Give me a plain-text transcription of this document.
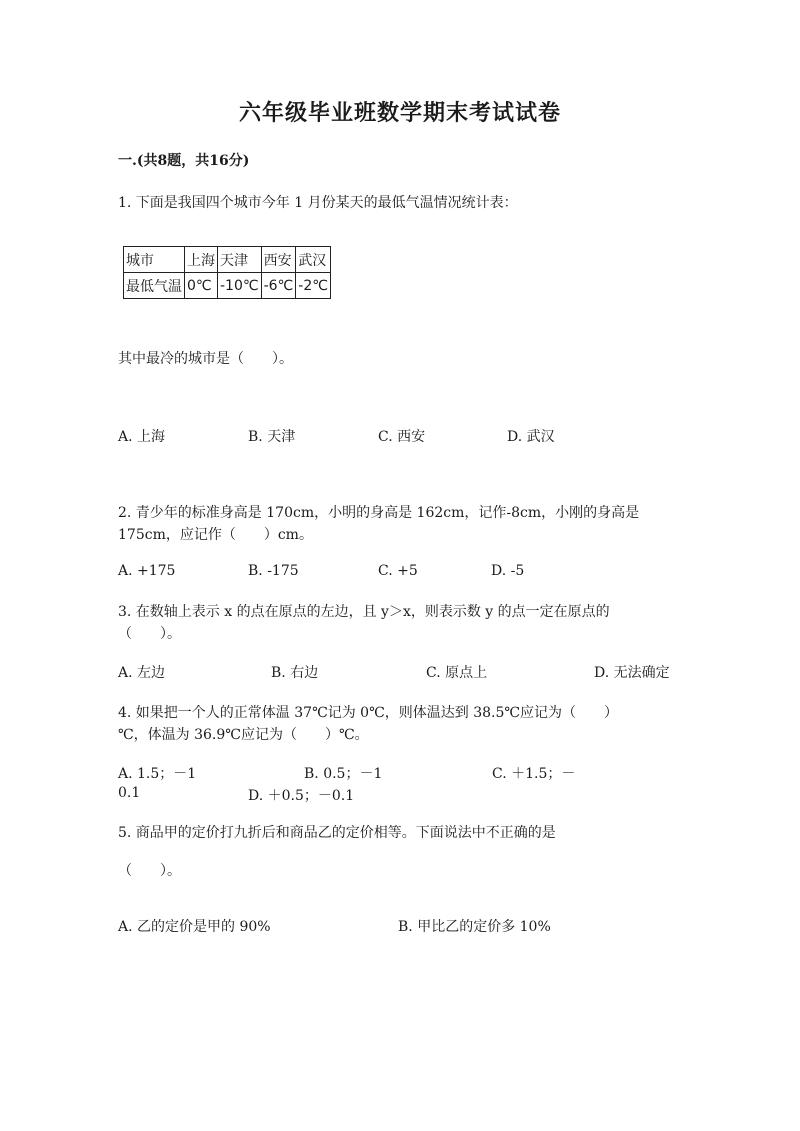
六年级毕业班数学期末考试试卷
一.(共8题，共16分)
1. 下面是我国四个城市今年 1 月份某天的最低气温情况统计表：
城市	上海	天津	西安	武汉
最低气温	0℃	-10℃	-6℃	-2℃
其中最冷的城市是（　　）。
A. 上海	B. 天津	C. 西安	D. 武汉
2. 青少年的标准身高是 170cm，小明的身高是 162cm，记作-8cm，小刚的身高是
175cm，应记作（　　）cm。
A. +175	B. -175	C. +5	D. -5
3. 在数轴上表示 x 的点在原点的左边，且 y＞x，则表示数 y 的点一定在原点的
（　　）。
A. 左边	B. 右边	C. 原点上	D. 无法确定
4. 如果把一个人的正常体温 37℃记为 0℃，则体温达到 38.5℃应记为（　　）
℃，体温为 36.9℃应记为（　　）℃。
A. 1.5；－1	B. 0.5；－1	C. ＋1.5；－
0.1	D. ＋0.5；－0.1
5. 商品甲的定价打九折后和商品乙的定价相等。下面说法中不正确的是
（　　）。
A. 乙的定价是甲的 90%	B. 甲比乙的定价多 10%
